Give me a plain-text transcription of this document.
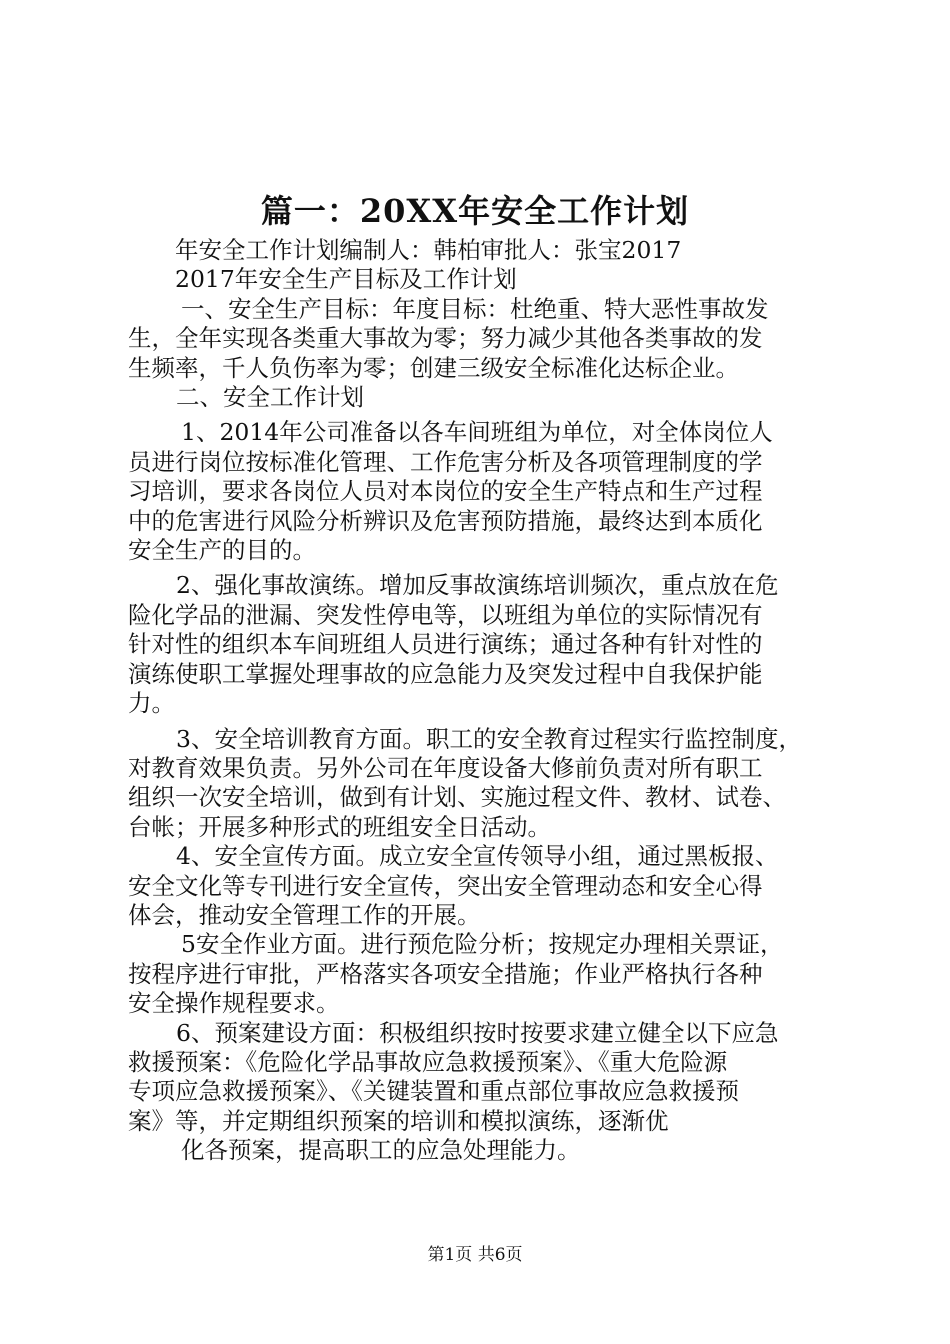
篇一：20XX年安全工作计划

年安全工作计划编制人：韩柏审批人：张宝2017

2017年安全生产目标及工作计划

一、安全生产目标：年度目标：杜绝重、特大恶性事故发

生，全年实现各类重大事故为零；努力减少其他各类事故的发

生频率，千人负伤率为零；创建三级安全标准化达标企业。

二、安全工作计划

1、2014年公司准备以各车间班组为单位，对全体岗位人

员进行岗位按标准化管理、工作危害分析及各项管理制度的学

习培训，要求各岗位人员对本岗位的安全生产特点和生产过程

中的危害进行风险分析辨识及危害预防措施，最终达到本质化

安全生产的目的。

2、强化事故演练。增加反事故演练培训频次，重点放在危

险化学品的泄漏、突发性停电等，以班组为单位的实际情况有

针对性的组织本车间班组人员进行演练；通过各种有针对性的

演练使职工掌握处理事故的应急能力及突发过程中自我保护能

力。

3、安全培训教育方面。职工的安全教育过程实行监控制度，

对教育效果负责。另外公司在年度设备大修前负责对所有职工

组织一次安全培训，做到有计划、实施过程文件、教材、试卷、

台帐；开展多种形式的班组安全日活动。

4、安全宣传方面。成立安全宣传领导小组，通过黑板报、

安全文化等专刊进行安全宣传，突出安全管理动态和安全心得

体会，推动安全管理工作的开展。

5安全作业方面。进行预危险分析；按规定办理相关票证，

按程序进行审批，严格落实各项安全措施；作业严格执行各种

安全操作规程要求。

6、预案建设方面：积极组织按时按要求建立健全以下应急

救援预案：《危险化学品事故应急救援预案》、《重大危险源

专项应急救援预案》、《关键装置和重点部位事故应急救援预

案》等，并定期组织预案的培训和模拟演练，逐渐优

化各预案，提高职工的应急处理能力。

第1页 共6页
